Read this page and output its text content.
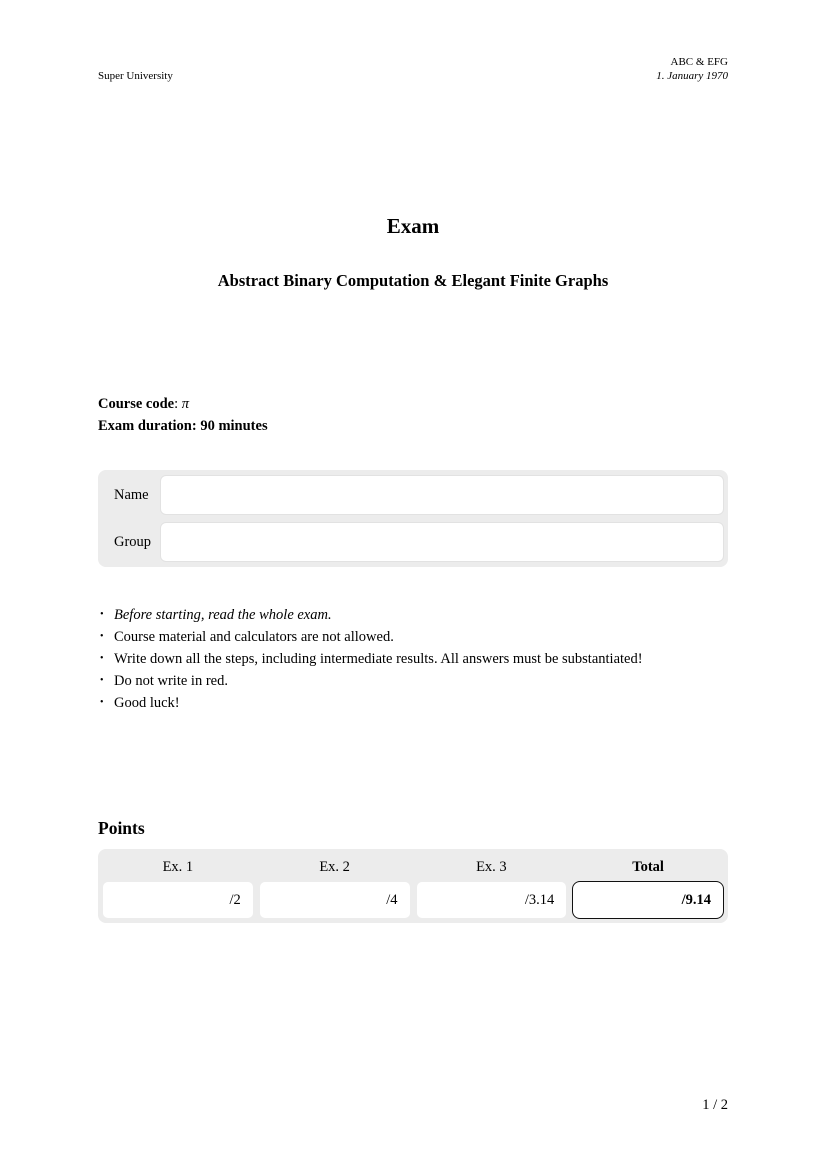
Super University
ABC & EFG
1. January 1970
Exam
Abstract Binary Computation & Elegant Finite Graphs

Course code: π

Exam duration: 90 minutes

Name
Group
• Before starting, read the whole exam.
• Course material and calculators are not allowed.
• Write down all the steps, including intermediate results. All answers must be substantiated!
• Do not write in red.
• Good luck!
Points
Ex. 1	Ex. 2	Ex. 3	Total
/2	/4	/3.14	/9.14
1 / 2
